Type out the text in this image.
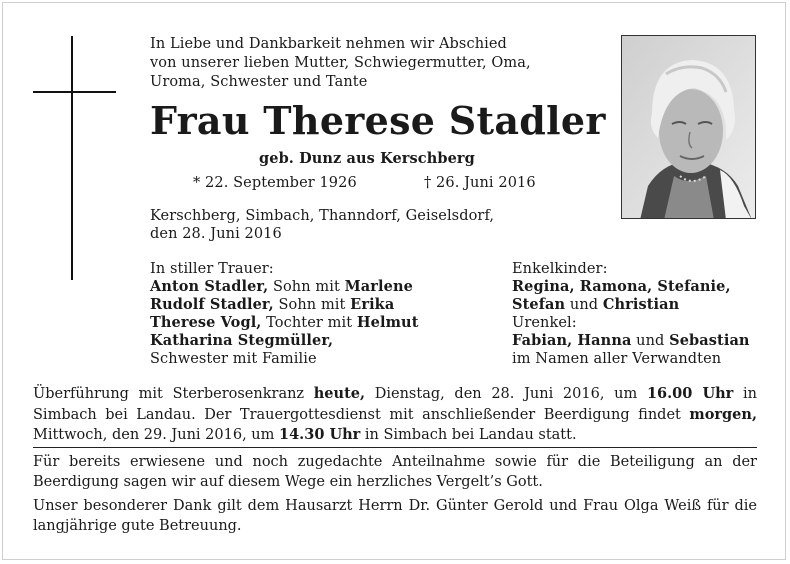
In Liebe und Dankbarkeit nehmen wir Abschied
von unserer lieben Mutter, Schwiegermutter, Oma,
Uroma, Schwester und Tante
Frau Therese Stadler
geb. Dunz aus Kerschberg
* 22. September 1926	† 26. Juni 2016
Kerschberg, Simbach, Thanndorf, Geiselsdorf,
den 28. Juni 2016
In stiller Trauer:
Anton Stadler, Sohn mit Marlene
Rudolf Stadler, Sohn mit Erika
Therese Vogl, Tochter mit Helmut
Katharina Stegmüller,
Schwester mit Familie
Enkelkinder:
Regina, Ramona, Stefanie,
Stefan und Christian
Urenkel:
Fabian, Hanna und Sebastian
im Namen aller Verwandten
Überführung mit Sterberosenkranz heute, Dienstag, den 28. Juni 2016, um 16.00 Uhr in Simbach bei Landau. Der Trauergottesdienst mit anschließender Beerdigung findet morgen, Mittwoch, den 29. Juni 2016, um 14.30 Uhr in Simbach bei Landau statt.
Für bereits erwiesene und noch zugedachte Anteilnahme sowie für die Beteiligung an der Beerdigung sagen wir auf diesem Wege ein herzliches Vergelt’s Gott.
Unser besonderer Dank gilt dem Hausarzt Herrn Dr. Günter Gerold und Frau Olga Weiß für die langjährige gute Betreuung.
